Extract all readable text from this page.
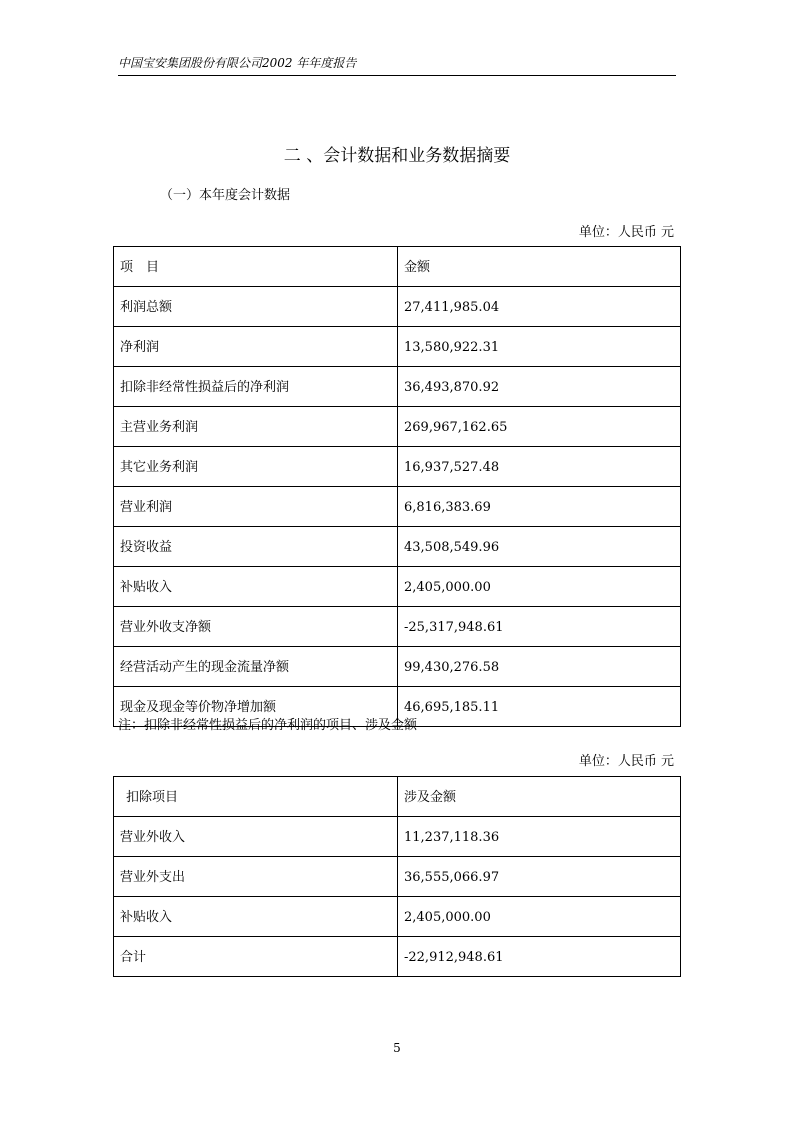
中国宝安集团股份有限公司2002 年年度报告
二 、会计数据和业务数据摘要
（一）本年度会计数据
单位：人民币 元
项　目	金额
利润总额	27,411,985.04
净利润	13,580,922.31
扣除非经常性损益后的净利润	36,493,870.92
主营业务利润	269,967,162.65
其它业务利润	16,937,527.48
营业利润	6,816,383.69
投资收益	43,508,549.96
补贴收入	2,405,000.00
营业外收支净额	-25,317,948.61
经营活动产生的现金流量净额	99,430,276.58
现金及现金等价物净增加额	46,695,185.11
注：扣除非经常性损益后的净利润的项目、涉及金额
单位：人民币 元
扣除项目	涉及金额
营业外收入	11,237,118.36
营业外支出	36,555,066.97
补贴收入	2,405,000.00
合计	-22,912,948.61
5
